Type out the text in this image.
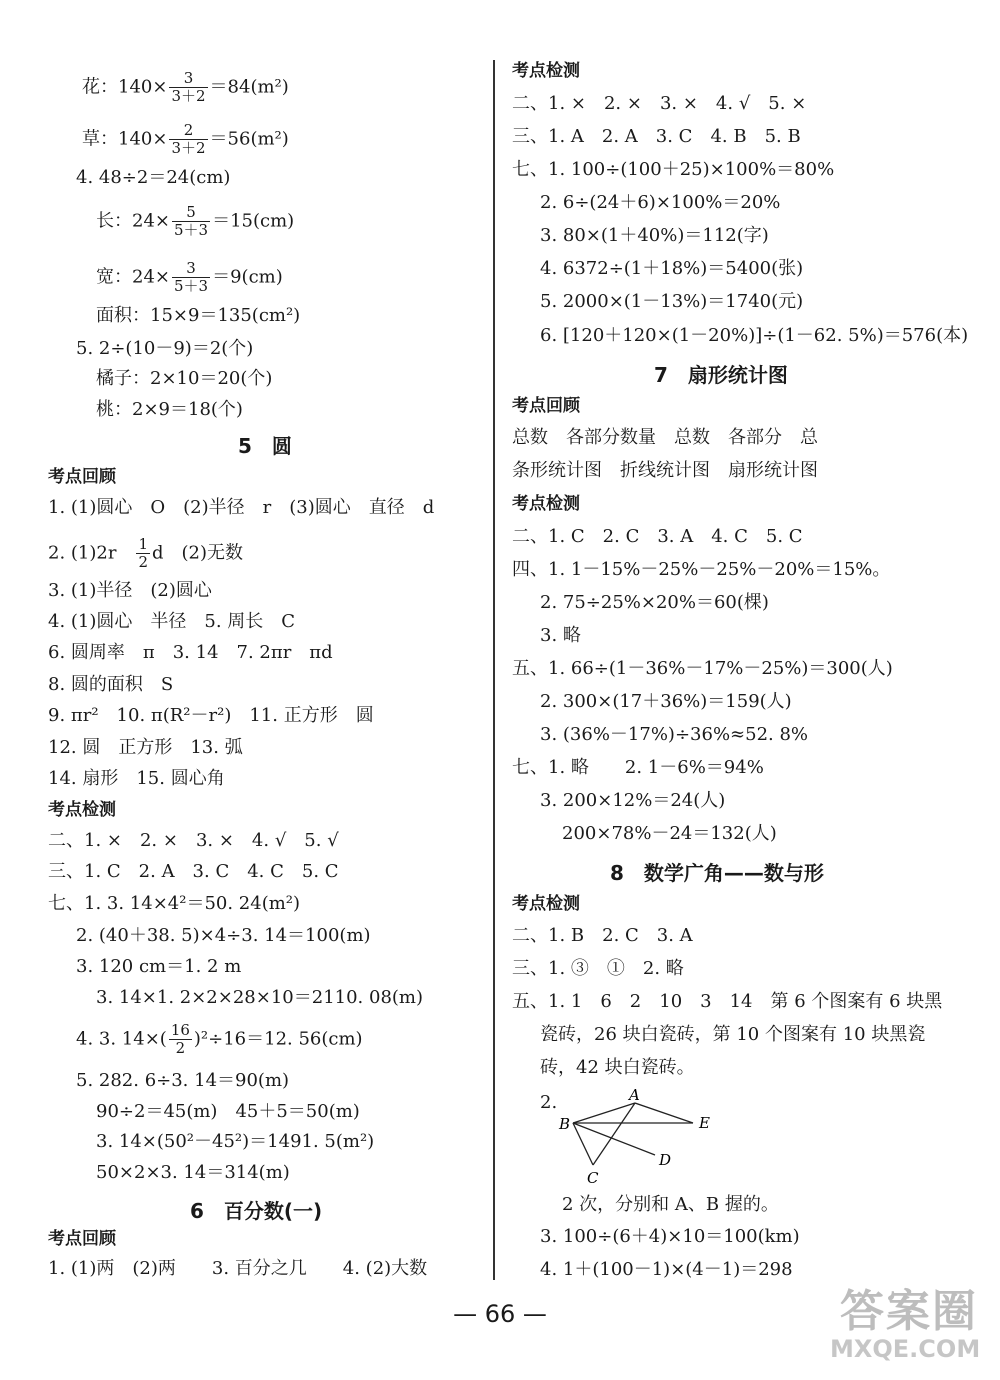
花：$140\times \frac{3}{3+2} =84(m^2)$
草：$140\times \frac{2}{3+2} =56(m^2)$
4. 48÷2＝24(cm)
长：$24\times \frac{5}{5+3} =15(cm)$
宽：$24\times \frac{3}{5+3} =9(cm)$
面积：15×9＝135(cm²)
5. 2÷(10－9)＝2(个)
橘子：2×10＝20(个)
桃：2×9＝18(个)
5　圆
考点回顾
1. (1)圆心　O　(2)半径　r　(3)圆心　直径　d
2. (1)2r　 $\frac{1}{2}$ d　(2)无数
3. (1)半径　(2)圆心
4. (1)圆心　半径　5. 周长　C
6. 圆周率　π　3. 14　7. 2πr　πd
8. 圆的面积　S
9. πr²　10. π(R²－r²)　11. 正方形　圆
12. 圆　正方形　13. 弧
14. 扇形　15. 圆心角
考点检测
二、1. ×　2. ×　3. ×　4. √　5. √
三、1. C　2. A　3. C　4. C　5. C
七、1. 3. 14×4²＝50. 24(m²)
2. (40＋38. 5)×4÷3. 14＝100(m)
3. 120 cm＝1. 2 m
3. 14×1. 2×2×28×10＝2110. 08(m)
4. 3. $14\times( \frac{16}{2} )^2\div 16=12$. 56(cm)
5. 282. 6÷3. 14＝90(m)
90÷2＝45(m)　45＋5＝50(m)
3. 14×(50²－45²)＝1491. 5(m²)
50×2×3. 14＝314(m)
6　百分数(一)
考点回顾
1. (1)两　(2)两　　3. 百分之几　　4. (2)大数
考点检测
二、1. ×　2. ×　3. ×　4. √　5. ×
三、1. A　2. A　3. C　4. B　5. B
七、1. 100÷(100＋25)×100%＝80%
2. 6÷(24＋6)×100%＝20%
3. 80×(1＋40%)＝112(字)
4. 6372÷(1＋18%)＝5400(张)
5. 2000×(1－13%)＝1740(元)
6. [120＋120×(1－20%)]÷(1－62. 5%)＝576(本)
7　扇形统计图
考点回顾
总数　各部分数量　总数　各部分　总
条形统计图　折线统计图　扇形统计图
考点检测
二、1. C　2. C　3. A　4. C　5. C
四、1. 1－15%－25%－25%－20%＝15%。
2. 75÷25%×20%＝60(棵)
3. 略
五、1. 66÷(1－36%－17%－25%)＝300(人)
2. 300×(17＋36%)＝159(人)
3. (36%－17%)÷36%≈52. 8%
七、1. 略　　2. 1－6%＝94%
3. 200×12%＝24(人)
200×78%－24＝132(人)
8　数学广角——数与形
考点检测
二、1. B　2. C　3. A
三、1. ③　①　2. 略
五、1. 1　6　2　10　3　14　第 6 个图案有 6 块黑
瓷砖，26 块白瓷砖，第 10 个图案有 10 块黑瓷
砖，42 块白瓷砖。
2.
B
A
E
C
D
2 次，分别和 A、B 握的。
3. 100÷(6＋4)×10＝100(km)
4. 1＋(100－1)×(4－1)＝298
— 66 —	答案圈
MXQE.COM
